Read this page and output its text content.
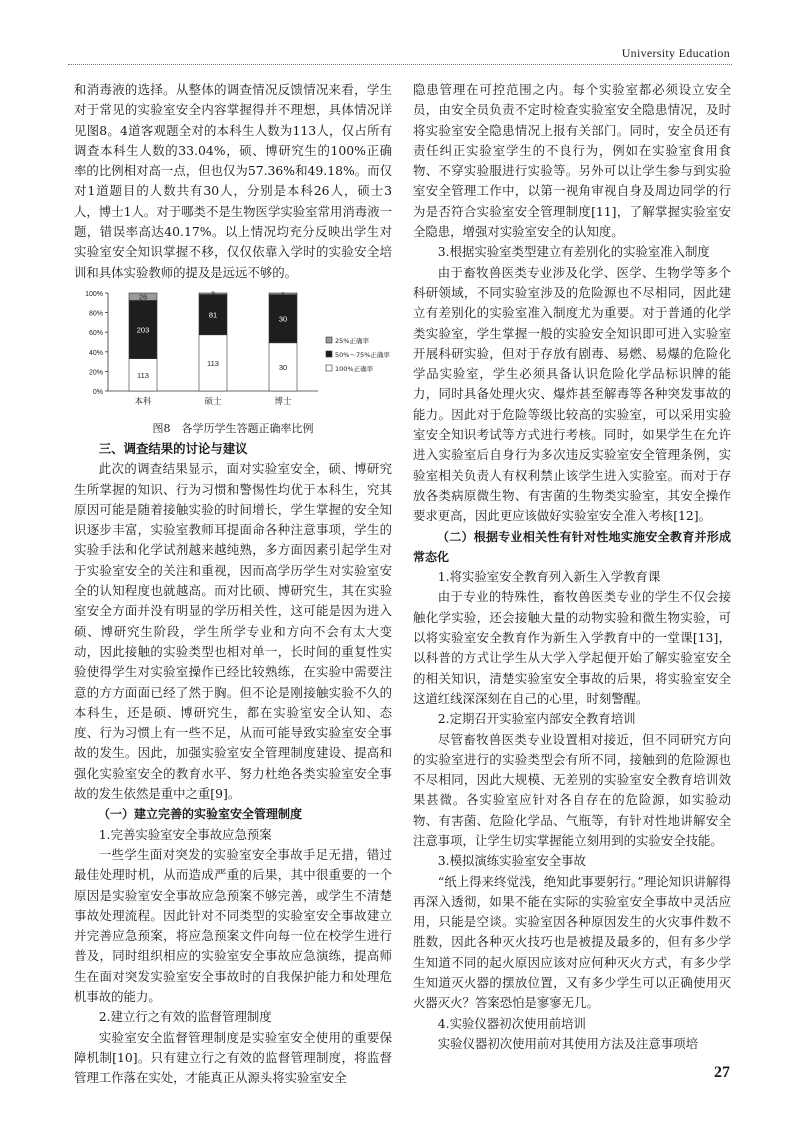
University Education

和消毒液的选择。从整体的调查情况反馈情况来看，学生对于常见的实验室安全内容掌握得并不理想，具体情况详见图8。4道客观题全对的本科生人数为113人，仅占所有调查本科生人数的33.04%，硕、博研究生的100%正确率的比例相对高一点，但也仅为57.36%和49.18%。而仅对1道题目的人数共有30人，分别是本科26人，硕士3人，博士1人。对于哪类不是生物医学实验室常用消毒液一题，错误率高达40.17%。以上情况均充分反映出学生对实验室安全知识掌握不移，仅仅依靠入学时的实验安全培训和具体实验教师的提及是远远不够的。

0%
20%
40%
60%
80%
100%
113
203
26
本科
113
81
3
硕士
30
30
1
博士
25%正确率
50%～75%正确率
100%正确率
图8　各学历学生答题正确率比例

三、调查结果的讨论与建议

此次的调查结果显示，面对实验室安全，硕、博研究生所掌握的知识、行为习惯和警惕性均优于本科生，究其原因可能是随着接触实验的时间增长，学生掌握的安全知识逐步丰富，实验室教师耳提面命各种注意事项，学生的实验手法和化学试剂越来越纯熟，多方面因素引起学生对于实验室安全的关注和重视，因而高学历学生对实验室安全的认知程度也就越高。而对比硕、博研究生，其在实验室安全方面并没有明显的学历相关性，这可能是因为进入硕、博研究生阶段，学生所学专业和方向不会有太大变动，因此接触的实验类型也相对单一，长时间的重复性实验使得学生对实验室操作已经比较熟练，在实验中需要注意的方方面面已经了然于胸。但不论是刚接触实验不久的本科生，还是硕、博研究生，都在实验室安全认知、态度、行为习惯上有一些不足，从而可能导致实验室安全事故的发生。因此，加强实验室安全管理制度建设、提高和强化实验室安全的教育水平、努力杜绝各类实验室安全事故的发生依然是重中之重[9]。

（一）建立完善的实验室安全管理制度

1.完善实验室安全事故应急预案

一些学生面对突发的实验室安全事故手足无措，错过最佳处理时机，从而造成严重的后果，其中很重要的一个原因是实验室安全事故应急预案不够完善，或学生不清楚事故处理流程。因此针对不同类型的实验室安全事故建立并完善应急预案，将应急预案文件向每一位在校学生进行普及，同时组织相应的实验室安全事故应急演练，提高师生在面对突发实验室安全事故时的自我保护能力和处理危机事故的能力。

2.建立行之有效的监督管理制度

实验室安全监督管理制度是实验室安全使用的重要保障机制[10]。只有建立行之有效的监督管理制度，将监督管理工作落在实处，才能真正从源头将实验室安全

隐患管理在可控范围之内。每个实验室都必须设立安全员，由安全员负责不定时检查实验室安全隐患情况，及时将实验室安全隐患情况上报有关部门。同时，安全员还有责任纠正实验室学生的不良行为，例如在实验室食用食物、不穿实验服进行实验等。另外可以让学生参与到实验室安全管理工作中，以第一视角审视自身及周边同学的行为是否符合实验室安全管理制度[11]，了解掌握实验室安全隐患，增强对实验室安全的认知度。

3.根据实验室类型建立有差别化的实验室准入制度

由于畜牧兽医类专业涉及化学、医学、生物学等多个科研领域，不同实验室涉及的危险源也不尽相同，因此建立有差别化的实验室准入制度尤为重要。对于普通的化学类实验室，学生掌握一般的实验安全知识即可进入实验室开展科研实验，但对于存放有剧毒、易燃、易爆的危险化学品实验室，学生必须具备认识危险化学品标识牌的能力，同时具备处理火灾、爆炸甚至解毒等各种突发事故的能力。因此对于危险等级比较高的实验室，可以采用实验室安全知识考试等方式进行考核。同时，如果学生在允许进入实验室后自身行为多次违反实验室安全管理条例，实验室相关负责人有权利禁止该学生进入实验室。而对于存放各类病原微生物、有害菌的生物类实验室，其安全操作要求更高，因此更应该做好实验室安全准入考核[12]。

（二）根据专业相关性有针对性地实施安全教育并形成常态化

1.将实验室安全教育列入新生入学教育课

由于专业的特殊性，畜牧兽医类专业的学生不仅会接触化学实验，还会接触大量的动物实验和微生物实验，可以将实验室安全教育作为新生入学教育中的一堂课[13]，以科普的方式让学生从大学入学起便开始了解实验室安全的相关知识，清楚实验室安全事故的后果，将实验室安全这道红线深深刻在自己的心里，时刻警醒。

2.定期召开实验室内部安全教育培训

尽管畜牧兽医类专业设置相对接近，但不同研究方向的实验室进行的实验类型会有所不同，接触到的危险源也不尽相同，因此大规模、无差别的实验室安全教育培训效果甚微。各实验室应针对各自存在的危险源，如实验动物、有害菌、危险化学品、气瓶等，有针对性地讲解安全注意事项，让学生切实掌握能立刻用到的实验安全技能。

3.模拟演练实验室安全事故

“纸上得来终觉浅，绝知此事要躬行。”理论知识讲解得再深入透彻，如果不能在实际的实验室安全事故中灵活应用，只能是空谈。实验室因各种原因发生的火灾事件数不胜数，因此各种灭火技巧也是被提及最多的，但有多少学生知道不同的起火原因应该对应何种灭火方式，有多少学生知道灭火器的摆放位置，又有多少学生可以正确使用灭火器灭火？答案恐怕是寥寥无几。

4.实验仪器初次使用前培训

实验仪器初次使用前对其使用方法及注意事项培

27
